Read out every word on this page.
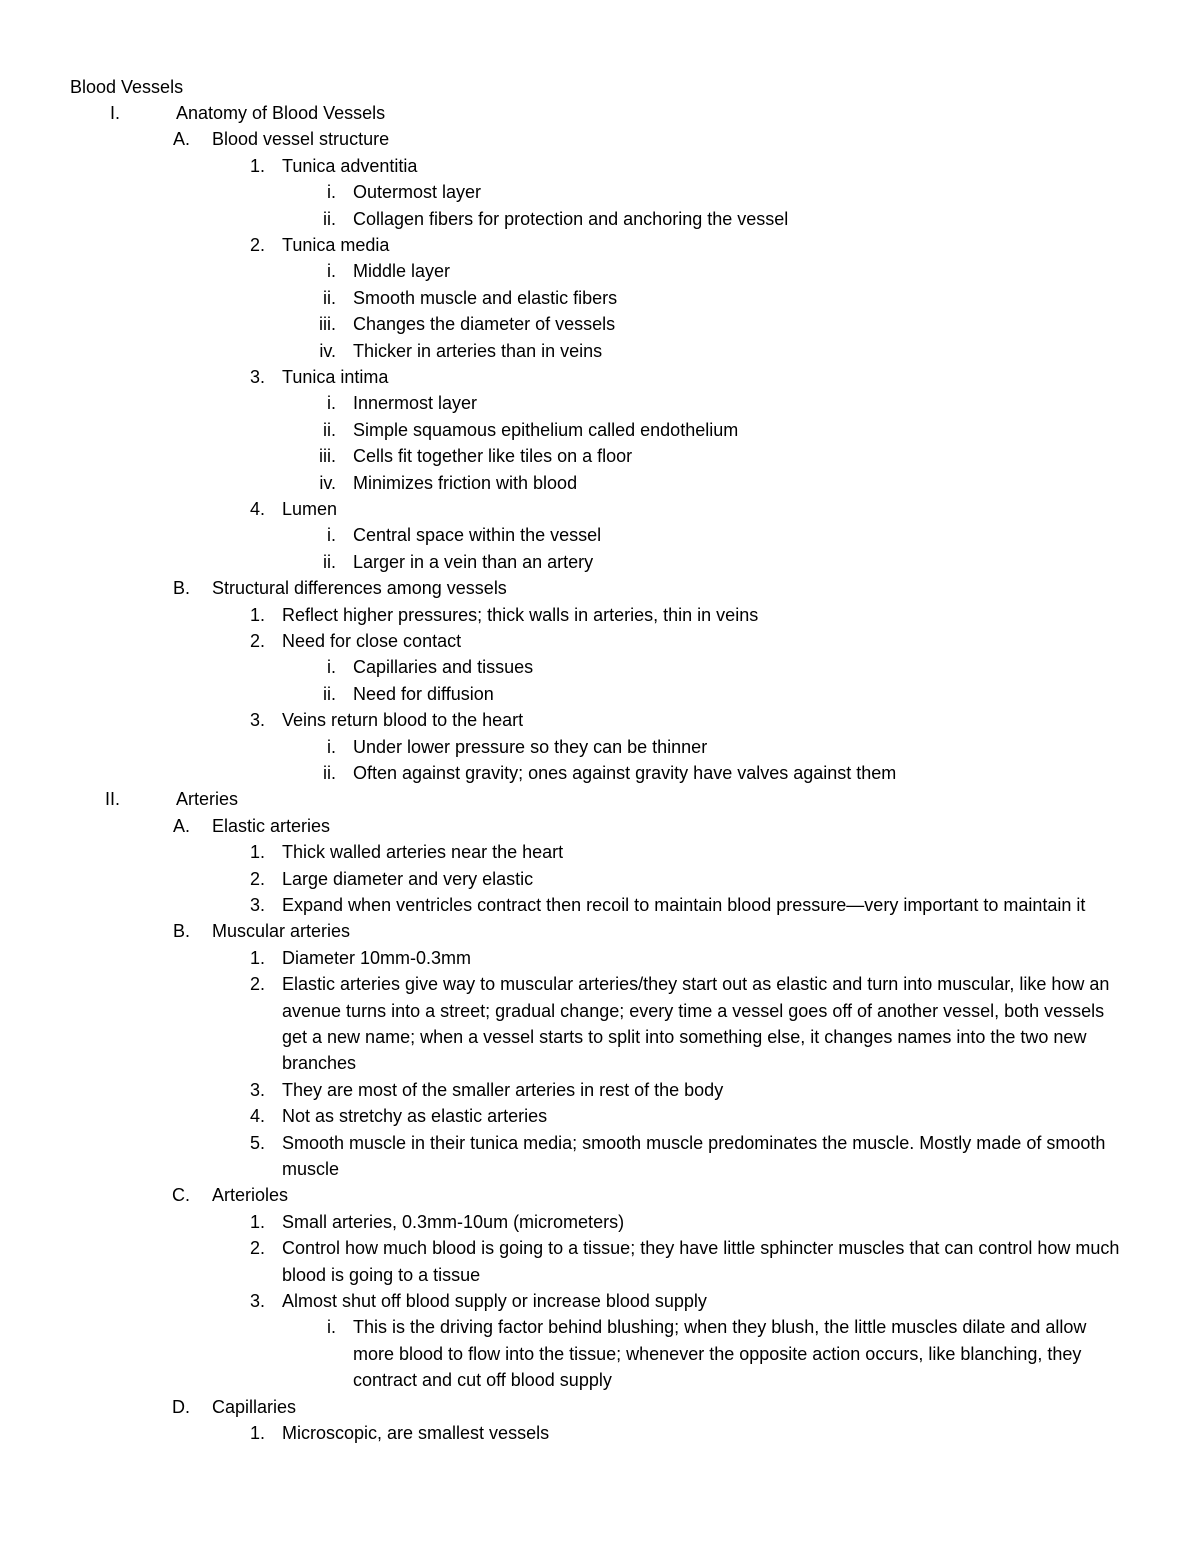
Blood Vessels
I.	Anatomy of Blood Vessels
A. Blood vessel structure
1. Tunica adventitia
i. Outermost layer
ii. Collagen fibers for protection and anchoring the vessel
2. Tunica media
i. Middle layer
ii. Smooth muscle and elastic fibers
iii. Changes the diameter of vessels
iv. Thicker in arteries than in veins
3. Tunica intima
i. Innermost layer
ii. Simple squamous epithelium called endothelium
iii. Cells fit together like tiles on a floor
iv. Minimizes friction with blood
4. Lumen
i. Central space within the vessel
ii. Larger in a vein than an artery
B. Structural differences among vessels
1. Reflect higher pressures; thick walls in arteries, thin in veins
2. Need for close contact
i. Capillaries and tissues
ii. Need for diffusion
3. Veins return blood to the heart
i. Under lower pressure so they can be thinner
ii. Often against gravity; ones against gravity have valves against them
II.	Arteries
A. Elastic arteries
1. Thick walled arteries near the heart
2. Large diameter and very elastic
3. Expand when ventricles contract then recoil to maintain blood pressure—very important to maintain it
B. Muscular arteries
1. Diameter 10mm-0.3mm
2. Elastic arteries give way to muscular arteries/they start out as elastic and turn into muscular, like how an avenue turns into a street; gradual change; every time a vessel goes off of another vessel, both vessels get a new name; when a vessel starts to split into something else, it changes names into the two new branches
3. They are most of the smaller arteries in rest of the body
4. Not as stretchy as elastic arteries
5. Smooth muscle in their tunica media; smooth muscle predominates the muscle. Mostly made of smooth muscle
C. Arterioles
1. Small arteries, 0.3mm-10um (micrometers)
2. Control how much blood is going to a tissue; they have little sphincter muscles that can control how much blood is going to a tissue
3. Almost shut off blood supply or increase blood supply
i. This is the driving factor behind blushing; when they blush, the little muscles dilate and allow more blood to flow into the tissue; whenever the opposite action occurs, like blanching, they contract and cut off blood supply
D. Capillaries
1. Microscopic, are smallest vessels
